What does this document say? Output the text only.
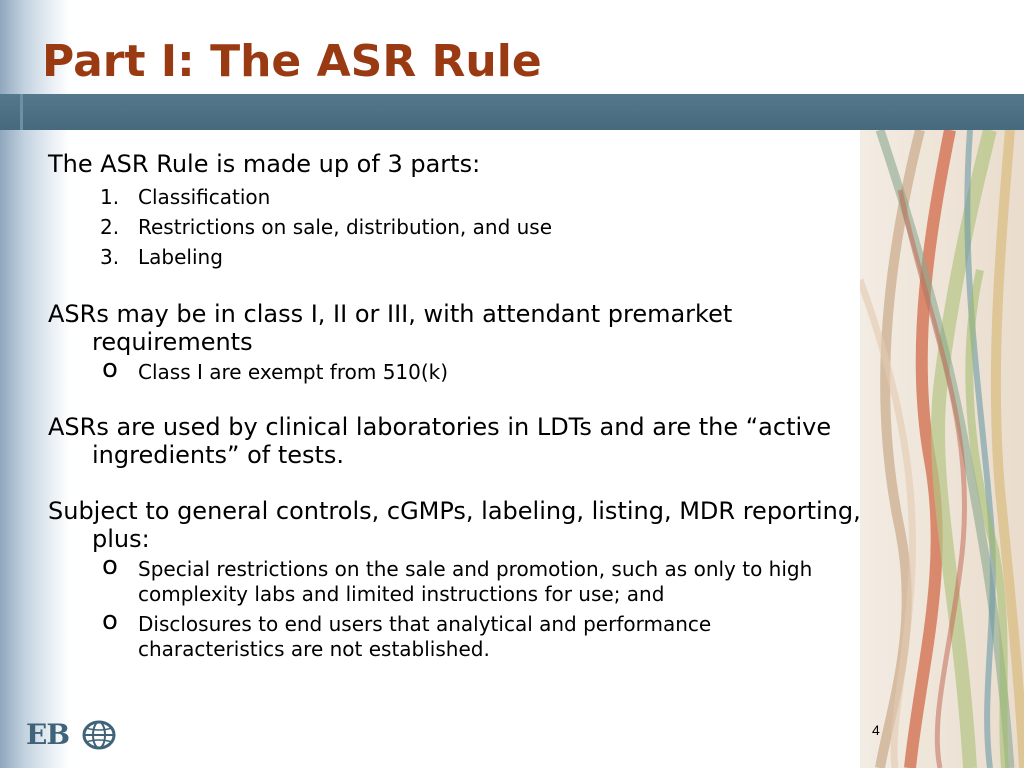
Part I: The ASR Rule
The ASR Rule is made up of 3 parts:
1. Classification
2. Restrictions on sale, distribution, and use
3. Labeling
ASRs may be in class I, II or III, with attendant premarket requirements
o Class I are exempt from 510(k)
ASRs are used by clinical laboratories in LDTs and are the “active ingredients” of tests.
Subject to general controls, cGMPs, labeling, listing, MDR reporting, plus:
o Special restrictions on the sale and promotion, such as only to high complexity labs and limited instructions for use; and
o Disclosures to end users that analytical and performance characteristics are not established.
EB	4
